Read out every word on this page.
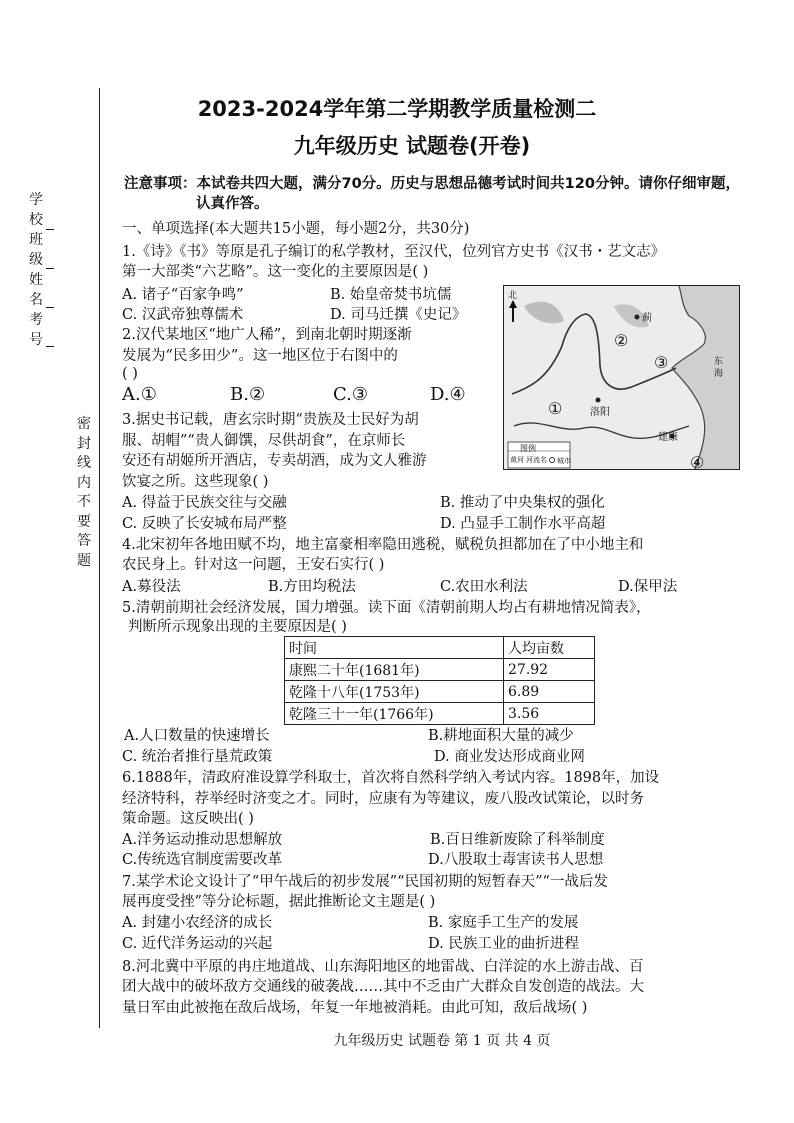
学
校
班
级
姓
名
考
号
密
封
线
内
不
要
答
题
2023-2024学年第二学期教学质量检测二
九年级历史 试题卷(开卷)
注意事项：本试卷共四大题，满分70分。历史与思想品德考试时间共120分钟。请你仔细审题，
认真作答。
一、单项选择(本大题共15小题，每小题2分，共30分)
1.《诗》《书》等原是孔子编订的私学教材，至汉代，位列官方史书《汉书・艺文志》
第一大部类“六艺略”。这一变化的主要原因是( )
A. 诸子“百家争鸣”	B. 始皇帝焚书坑儒
C. 汉武帝独尊儒术	D. 司马迁撰《史记》
2.汉代某地区“地广人稀”，到南北朝时期逐渐
发展为“民多田少”。这一地区位于右图中的
( )
A.①	B.②	C.③	D.④
北
蓟
洛阳
建康
②
③
①
④
图例
黄河 河流名 城市
东海
3.据史书记载，唐玄宗时期“贵族及士民好为胡
服、胡帽”“贵人御馔，尽供胡食”，在京师长
安还有胡姬所开酒店，专卖胡酒，成为文人雅游
饮宴之所。这些现象( )
A. 得益于民族交往与交融	B. 推动了中央集权的强化
C. 反映了长安城布局严整	D. 凸显手工制作水平高超
4.北宋初年各地田赋不均，地主富豪相率隐田逃税，赋税负担都加在了中小地主和
农民身上。针对这一问题，王安石实行( )
A.募役法	B.方田均税法	C.农田水利法	D.保甲法
5.清朝前期社会经济发展，国力增强。读下面《清朝前期人均占有耕地情况简表》，
判断所示现象出现的主要原因是( )
时间	人均亩数
康熙二十年(1681年)	27.92
乾隆十八年(1753年)	6.89
乾隆三十一年(1766年)	3.56
A.人口数量的快速增长	B.耕地面积大量的减少
C. 统治者推行垦荒政策	D. 商业发达形成商业网
6.1888年，清政府准设算学科取士，首次将自然科学纳入考试内容。1898年，加设
经济特科，荐举经时济变之才。同时，应康有为等建议，废八股改试策论，以时务
策命题。这反映出( )
A.洋务运动推动思想解放	B.百日维新废除了科举制度
C.传统选官制度需要改革	D.八股取士毒害读书人思想
7.某学术论文设计了“甲午战后的初步发展”“民国初期的短暂春天”“一战后发
展再度受挫”等分论标题，据此推断论文主题是( )
A. 封建小农经济的成长	B. 家庭手工生产的发展
C. 近代洋务运动的兴起	D. 民族工业的曲折进程
8.河北冀中平原的冉庄地道战、山东海阳地区的地雷战、白洋淀的水上游击战、百
团大战中的破坏敌方交通线的破袭战……其中不乏由广大群众自发创造的战法。大
量日军由此被拖在敌后战场，年复一年地被消耗。由此可知，敌后战场( )
九年级历史 试题卷 第 1 页 共 4 页
